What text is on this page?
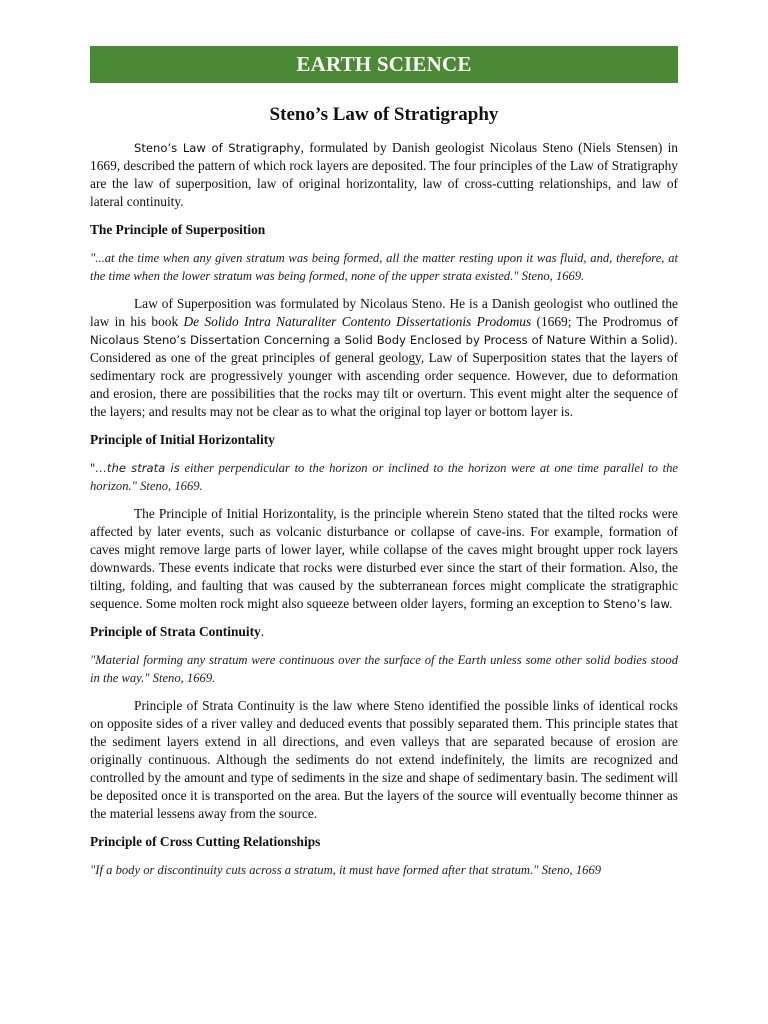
EARTH SCIENCE
Steno’s Law of Stratigraphy

Steno’s Law of Stratigraphy, formulated by Danish geologist Nicolaus Steno (Niels Stensen) in 1669, described the pattern of which rock layers are deposited. The four principles of the Law of Stratigraphy are the law of superposition, law of original horizontality, law of cross-cutting relationships, and law of lateral continuity.

The Principle of Superposition

"...at the time when any given stratum was being formed, all the matter resting upon it was fluid, and, therefore, at the time when the lower stratum was being formed, none of the upper strata existed." Steno, 1669.

Law of Superposition was formulated by Nicolaus Steno. He is a Danish geologist who outlined the law in his book De Solido Intra Naturaliter Contento Dissertationis Prodomus (1669; The Prodromus of Nicolaus Steno’s Dissertation Concerning a Solid Body Enclosed by Process of Nature Within a Solid). Considered as one of the great principles of general geology, Law of Superposition states that the layers of sedimentary rock are progressively younger with ascending order sequence. However, due to deformation and erosion, there are possibilities that the rocks may tilt or overturn. This event might alter the sequence of the layers; and results may not be clear as to what the original top layer or bottom layer is.

Principle of Initial Horizontality

"…the strata is either perpendicular to the horizon or inclined to the horizon were at one time parallel to the horizon." Steno, 1669.

The Principle of Initial Horizontality, is the principle wherein Steno stated that the tilted rocks were affected by later events, such as volcanic disturbance or collapse of cave-ins. For example, formation of caves might remove large parts of lower layer, while collapse of the caves might brought upper rock layers downwards. These events indicate that rocks were disturbed ever since the start of their formation. Also, the tilting, folding, and faulting that was caused by the subterranean forces might complicate the stratigraphic sequence. Some molten rock might also squeeze between older layers, forming an exception to Steno’s law.

Principle of Strata Continuity.

"Material forming any stratum were continuous over the surface of the Earth unless some other solid bodies stood in the way." Steno, 1669.

Principle of Strata Continuity is the law where Steno identified the possible links of identical rocks on opposite sides of a river valley and deduced events that possibly separated them. This principle states that the sediment layers extend in all directions, and even valleys that are separated because of erosion are originally continuous. Although the sediments do not extend indefinitely, the limits are recognized and controlled by the amount and type of sediments in the size and shape of sedimentary basin. The sediment will be deposited once it is transported on the area. But the layers of the source will eventually become thinner as the material lessens away from the source.

Principle of Cross Cutting Relationships

"If a body or discontinuity cuts across a stratum, it must have formed after that stratum." Steno, 1669
